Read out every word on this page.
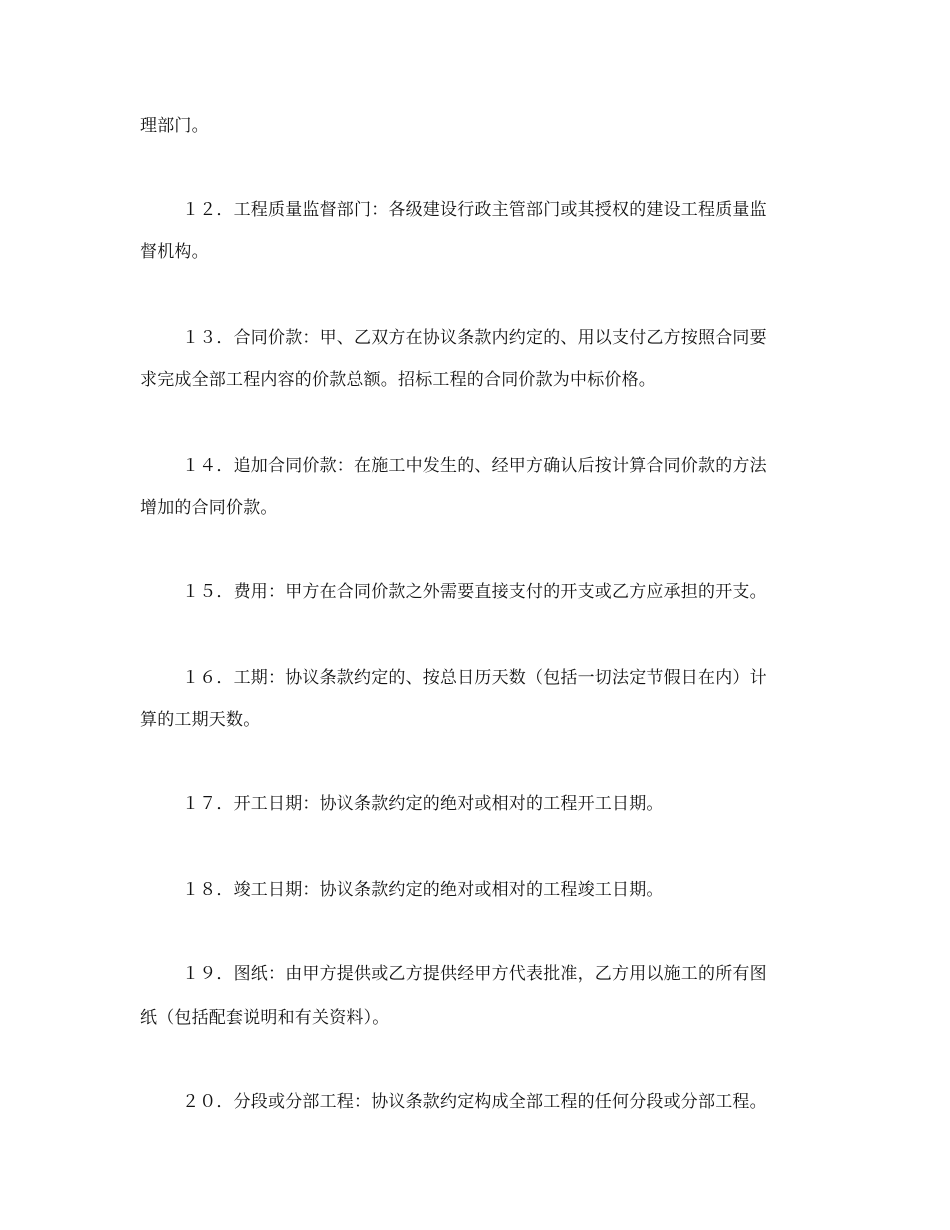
理部门。
１２．工程质量监督部门：各级建设行政主管部门或其授权的建设工程质量监
督机构。
１３．合同价款：甲、乙双方在协议条款内约定的、用以支付乙方按照合同要
求完成全部工程内容的价款总额。招标工程的合同价款为中标价格。
１４．追加合同价款：在施工中发生的、经甲方确认后按计算合同价款的方法
增加的合同价款。
１５．费用：甲方在合同价款之外需要直接支付的开支或乙方应承担的开支。
１６．工期：协议条款约定的、按总日历天数（包括一切法定节假日在内）计
算的工期天数。
１７．开工日期：协议条款约定的绝对或相对的工程开工日期。
１８．竣工日期：协议条款约定的绝对或相对的工程竣工日期。
１９．图纸：由甲方提供或乙方提供经甲方代表批准，乙方用以施工的所有图
纸（包括配套说明和有关资料）。
２０．分段或分部工程：协议条款约定构成全部工程的任何分段或分部工程。
